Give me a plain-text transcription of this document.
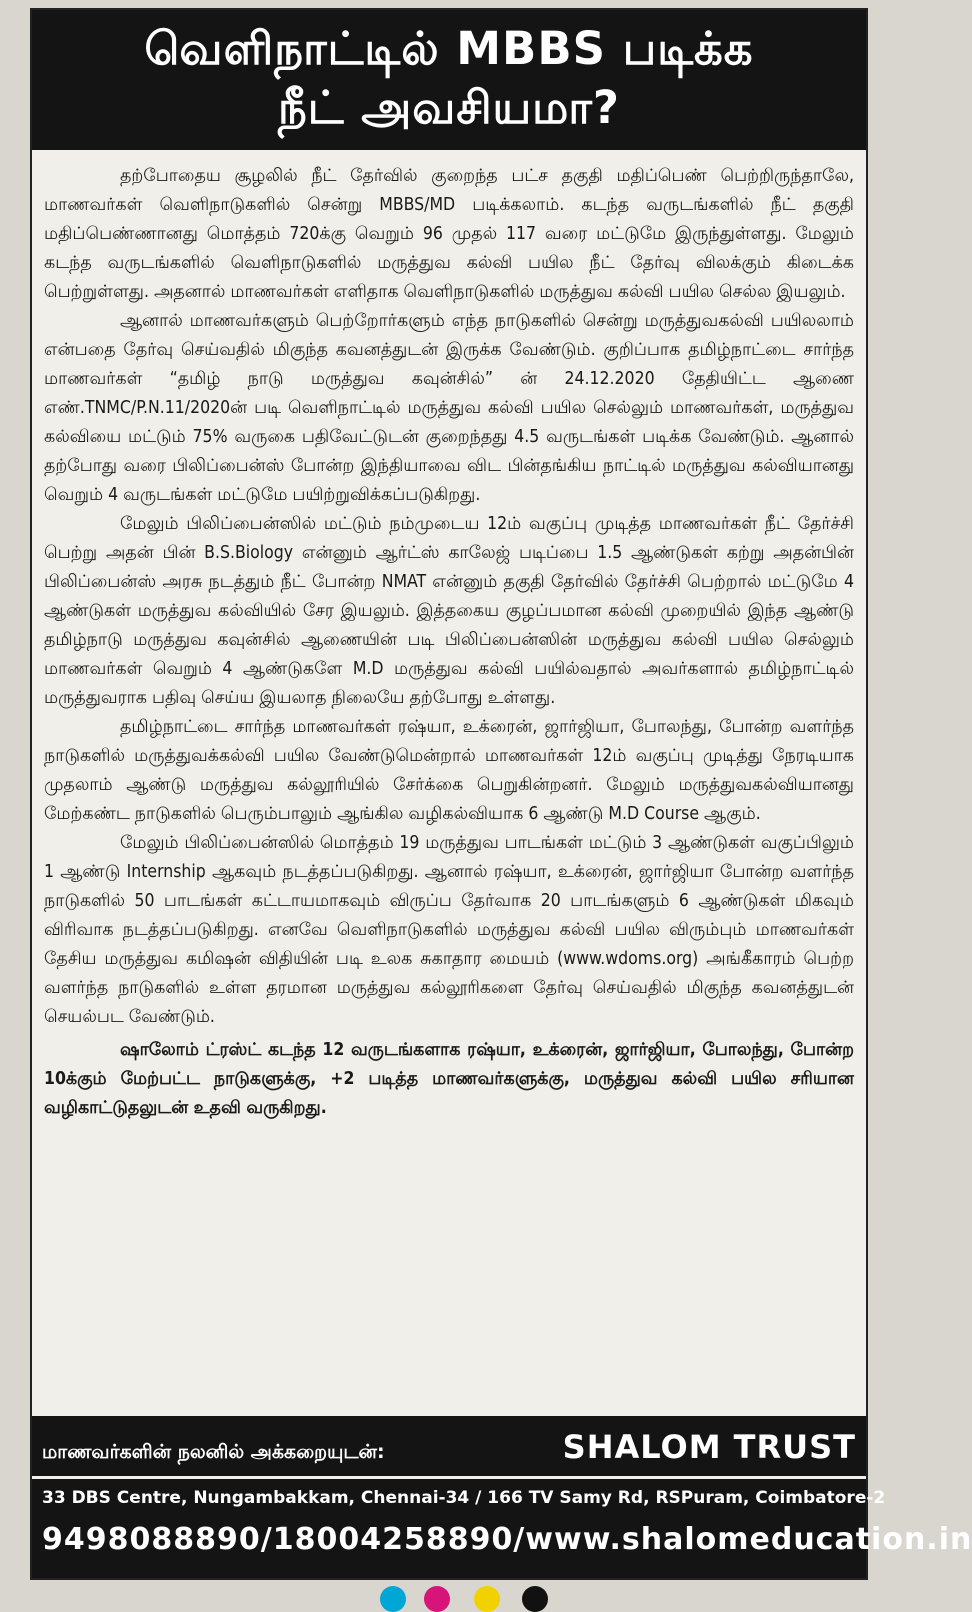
வெளிநாட்டில் MBBS படிக்க
நீட் அவசியமா?

தற்போதைய சூழலில் நீட் தேர்வில் குறைந்த பட்ச தகுதி மதிப்பெண் பெற்றிருந்தாலே, மாணவர்கள் வெளிநாடுகளில் சென்று MBBS/MD படிக்கலாம். கடந்த வருடங்களில் நீட் தகுதி மதிப்பெண்ணானது மொத்தம் 720க்கு வெறும் 96 முதல் 117 வரை மட்டுமே இருந்துள்ளது. மேலும் கடந்த வருடங்களில் வெளிநாடுகளில் மருத்துவ கல்வி பயில நீட் தேர்வு விலக்கும் கிடைக்க பெற்றுள்ளது. அதனால் மாணவர்கள் எளிதாக வெளிநாடுகளில் மருத்துவ கல்வி பயில செல்ல இயலும்.

ஆனால் மாணவர்களும் பெற்றோர்களும் எந்த நாடுகளில் சென்று மருத்துவகல்வி பயிலலாம் என்பதை தேர்வு செய்வதில் மிகுந்த கவனத்துடன் இருக்க வேண்டும். குறிப்பாக தமிழ்நாட்டை சார்ந்த மாணவர்கள் “தமிழ் நாடு மருத்துவ கவுன்சில்” ன் 24.12.2020 தேதியிட்ட ஆணை எண்.TNMC/P.N.11/2020ன் படி வெளிநாட்டில் மருத்துவ கல்வி பயில செல்லும் மாணவர்கள், மருத்துவ கல்வியை மட்டும் 75% வருகை பதிவேட்டுடன் குறைந்தது 4.5 வருடங்கள் படிக்க வேண்டும். ஆனால் தற்போது வரை பிலிப்பைன்ஸ் போன்ற இந்தியாவை விட பின்தங்கிய நாட்டில் மருத்துவ கல்வியானது வெறும் 4 வருடங்கள் மட்டுமே பயிற்றுவிக்கப்படுகிறது.

மேலும் பிலிப்பைன்ஸில் மட்டும் நம்முடைய 12ம் வகுப்பு முடித்த மாணவர்கள் நீட் தேர்ச்சி பெற்று அதன் பின் B.S.Biology என்னும் ஆர்ட்ஸ் காலேஜ் படிப்பை 1.5 ஆண்டுகள் கற்று அதன்பின் பிலிப்பைன்ஸ் அரசு நடத்தும் நீட் போன்ற NMAT என்னும் தகுதி தேர்வில் தேர்ச்சி பெற்றால் மட்டுமே 4 ஆண்டுகள் மருத்துவ கல்வியில் சேர இயலும். இத்தகைய குழப்பமான கல்வி முறையில் இந்த ஆண்டு தமிழ்நாடு மருத்துவ கவுன்சில் ஆணையின் படி பிலிப்பைன்ஸின் மருத்துவ கல்வி பயில செல்லும் மாணவர்கள் வெறும் 4 ஆண்டுகளே M.D மருத்துவ கல்வி பயில்வதால் அவர்களால் தமிழ்நாட்டில் மருத்துவராக பதிவு செய்ய இயலாத நிலையே தற்போது உள்ளது.

தமிழ்நாட்டை சார்ந்த மாணவர்கள் ரஷ்யா, உக்ரைன், ஜார்ஜியா, போலந்து, போன்ற வளர்ந்த நாடுகளில் மருத்துவக்கல்வி பயில வேண்டுமென்றால் மாணவர்கள் 12ம் வகுப்பு முடித்து நேரடியாக முதலாம் ஆண்டு மருத்துவ கல்லூரியில் சேர்க்கை பெறுகின்றனர். மேலும் மருத்துவகல்வியானது மேற்கண்ட நாடுகளில் பெரும்பாலும் ஆங்கில வழிகல்வியாக 6 ஆண்டு M.D Course ஆகும்.

மேலும் பிலிப்பைன்ஸில் மொத்தம் 19 மருத்துவ பாடங்கள் மட்டும் 3 ஆண்டுகள் வகுப்பிலும் 1 ஆண்டு Internship ஆகவும் நடத்தப்படுகிறது. ஆனால் ரஷ்யா, உக்ரைன், ஜார்ஜியா போன்ற வளர்ந்த நாடுகளில் 50 பாடங்கள் கட்டாயமாகவும் விருப்ப தேர்வாக 20 பாடங்களும் 6 ஆண்டுகள் மிகவும் விரிவாக நடத்தப்படுகிறது. எனவே வெளிநாடுகளில் மருத்துவ கல்வி பயில விரும்பும் மாணவர்கள் தேசிய மருத்துவ கமிஷன் விதியின் படி உலக சுகாதார மையம் (www.wdoms.org) அங்கீகாரம் பெற்ற வளர்ந்த நாடுகளில் உள்ள தரமான மருத்துவ கல்லூரிகளை தேர்வு செய்வதில் மிகுந்த கவனத்துடன் செயல்பட வேண்டும்.

ஷாலோம் ட்ரஸ்ட் கடந்த 12 வருடங்களாக ரஷ்யா, உக்ரைன், ஜார்ஜியா, போலந்து, போன்ற 10க்கும் மேற்பட்ட நாடுகளுக்கு, +2 படித்த மாணவர்களுக்கு, மருத்துவ கல்வி பயில சரியான வழிகாட்டுதலுடன் உதவி வருகிறது.

மாணவர்களின் நலனில் அக்கறையுடன்:	SHALOM TRUST
33 DBS Centre, Nungambakkam, Chennai-34 / 166 TV Samy Rd, RSPuram, Coimbatore-2
9498088890/18004258890/www.shalomeducation.in
